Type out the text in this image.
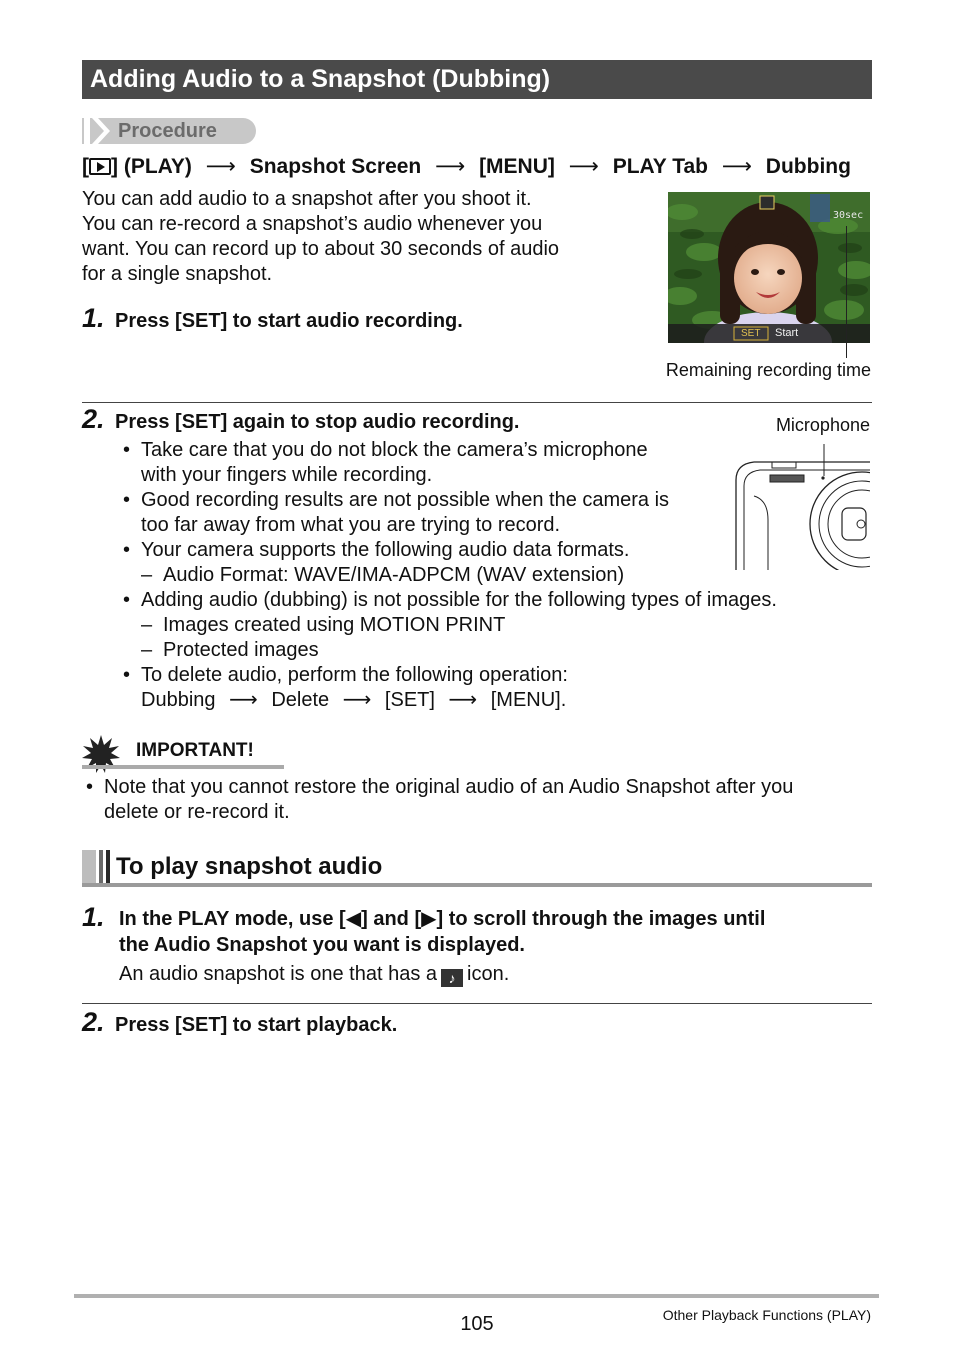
Adding Audio to a Snapshot (Dubbing)
Procedure
[ ] (PLAY) ⟶ Snapshot Screen ⟶ [MENU] ⟶ PLAY Tab ⟶ Dubbing
You can add audio to a snapshot after you shoot it.
You can re-record a snapshot’s audio whenever you
want. You can record up to about 30 seconds of audio
for a single snapshot.
30sec
SET Start
Remaining recording time
1. Press [SET] to start audio recording.
2. Press [SET] again to stop audio recording.	Microphone
• Take care that you do not block the camera’s microphone
with your fingers while recording.
• Good recording results are not possible when the camera is
too far away from what you are trying to record.
• Your camera supports the following audio data formats.
– Audio Format: WAVE/IMA-ADPCM (WAV extension)
• Adding audio (dubbing) is not possible for the following types of images.
– Images created using MOTION PRINT
– Protected images
• To delete audio, perform the following operation:
Dubbing ⟶ Delete ⟶ [SET] ⟶ [MENU].
IMPORTANT!
• Note that you cannot restore the original audio of an Audio Snapshot after you
delete or re-record it.
To play snapshot audio
1. In the PLAY mode, use [◀] and [▶] to scroll through the images until
the Audio Snapshot you want is displayed.
An audio snapshot is one that has a ♪ icon.
2. Press [SET] to start playback.
105	Other Playback Functions (PLAY)
